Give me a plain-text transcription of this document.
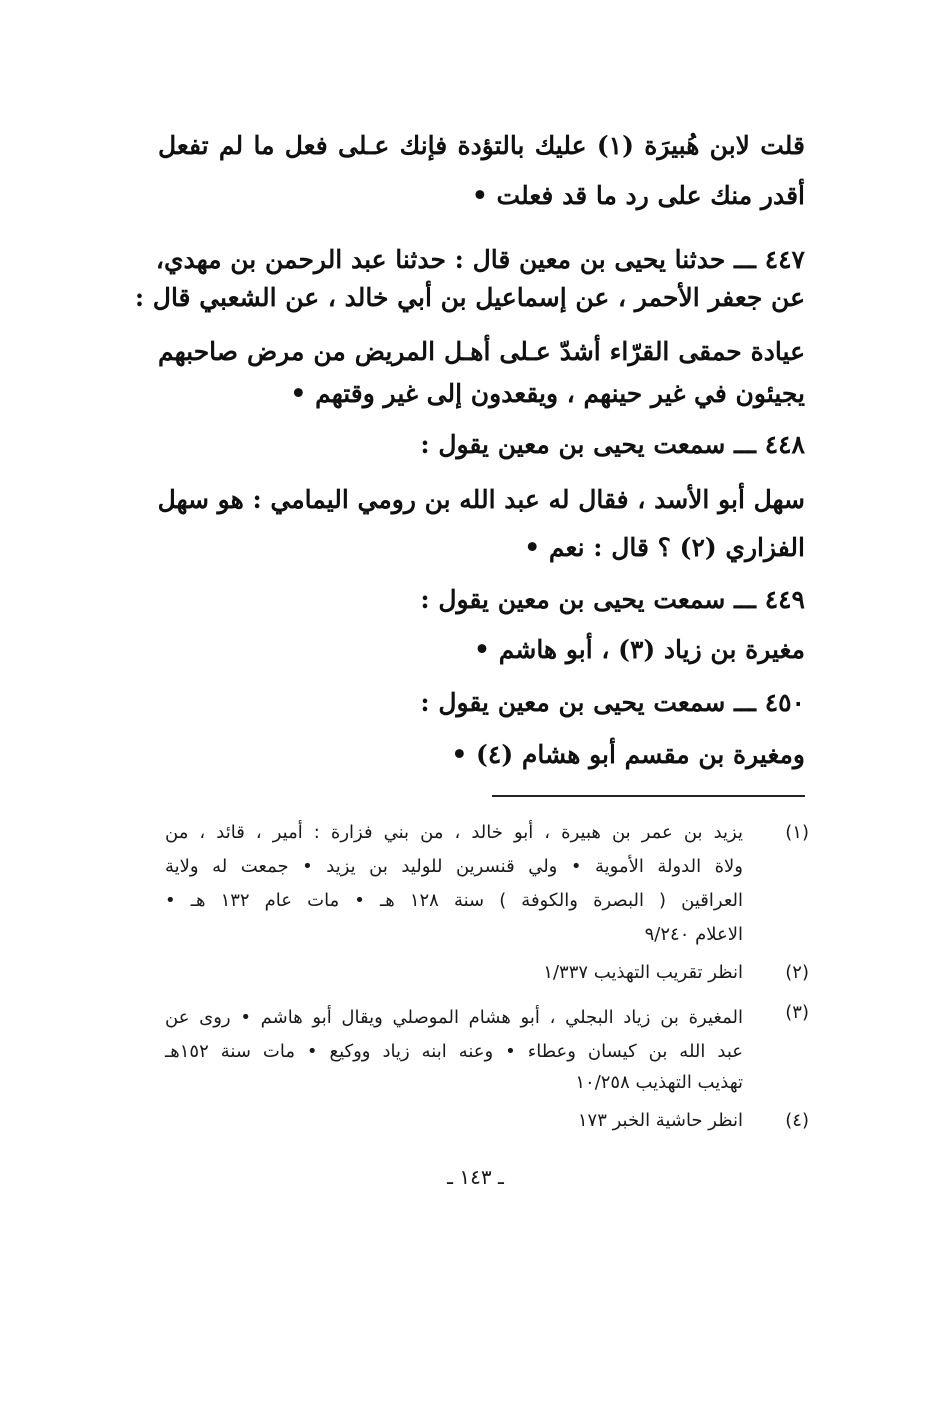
قلت لابن هُبيرَة (١) عليك بالتؤدة فإنك عـلى فعل ما لم تفعل
أقدر منك على رد ما قد فعلت •
٤٤٧ ـــ حدثنا يحيى بن معين قال : حدثنا عبد الرحمن بن مهدي،
عن جعفر الأحمر ، عن إسماعيل بن أبي خالد ، عن الشعبي قال :
عيادة حمقى القرّاء أشدّ عـلى أهـل المريض من مرض صاحبهم
يجيئون في غير حينهم ، ويقعدون إلى غير وقتهم •
٤٤٨ ـــ سمعت يحيى بن معين يقول :
سهل أبو الأسد ، فقال له عبد الله بن رومي اليمامي : هو سهل
الفزاري (٢) ؟ قال : نعم •
٤٤٩ ـــ سمعت يحيى بن معين يقول :
مغيرة بن زياد (٣) ، أبو هاشم •
٤٥٠ ـــ سمعت يحيى بن معين يقول :
ومغيرة بن مقسم أبو هشام (٤) •
(١)
يزيد بن عمر بن هبيرة ، أبو خالد ، من بني فزارة : أمير ، قائد ، من
ولاة الدولة الأموية • ولي قنسرين للوليد بن يزيد • جمعت له ولاية
العراقين ( البصرة والكوفة ) سنة ١٢٨ هـ • مات عام ١٣٢ هـ •
الاعلام ٩/٢٤٠
(٢)
انظر تقريب التهذيب ١/٣٣٧
(٣)
المغيرة بن زياد البجلي ، أبو هشام الموصلي ويقال أبو هاشم • روى عن
عبد الله بن كيسان وعطاء • وعنه ابنه زياد ووكيع • مات سنة ١٥٢هـ
تهذيب التهذيب ١٠/٢٥٨
(٤)
انظر حاشية الخبر ١٧٣
ـ ١٤٣ ـ
